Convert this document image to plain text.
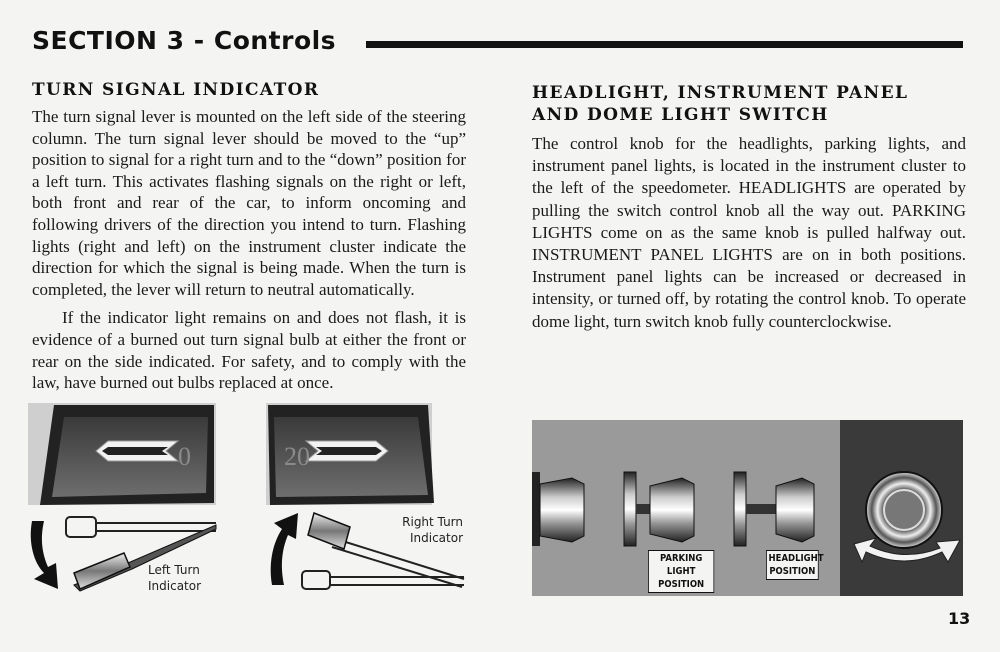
SECTION 3 - Controls
TURN SIGNAL INDICATOR

The turn signal lever is mounted on the left side of the steering column. The turn signal lever should be moved to the “up” position to signal for a right turn and to the “down” position for a left turn. This activates flashing signals on the right or left, both front and rear of the car, to inform oncoming and following drivers of the direction you intend to turn. Flashing lights (right and left) on the instrument cluster indicate the direction for which the signal is being made. When the turn is completed, the lever will return to neutral automatically.

If the indicator light remains on and does not flash, it is evidence of a burned out turn signal bulb at either the front or rear on the side indicated. For safety, and to comply with the law, have burned out bulbs replaced at once.

0
Left Turn Indicator
20
Right Turn Indicator
HEADLIGHT, INSTRUMENT PANEL AND DOME LIGHT SWITCH
The control knob for the headlights, parking lights, and instrument panel lights, is located in the instrument cluster to the left of the speedometer. HEADLIGHTS are operated by pulling the switch control knob all the way out. PARKING LIGHTS come on as the same knob is pulled halfway out. INSTRUMENT PANEL LIGHTS are on in both positions. Instrument panel lights can be increased or decreased in intensity, or turned off, by rotating the control knob. To operate dome light, turn switch knob fully counterclockwise.
PARKING LIGHT POSITION
HEADLIGHT POSITION
13
